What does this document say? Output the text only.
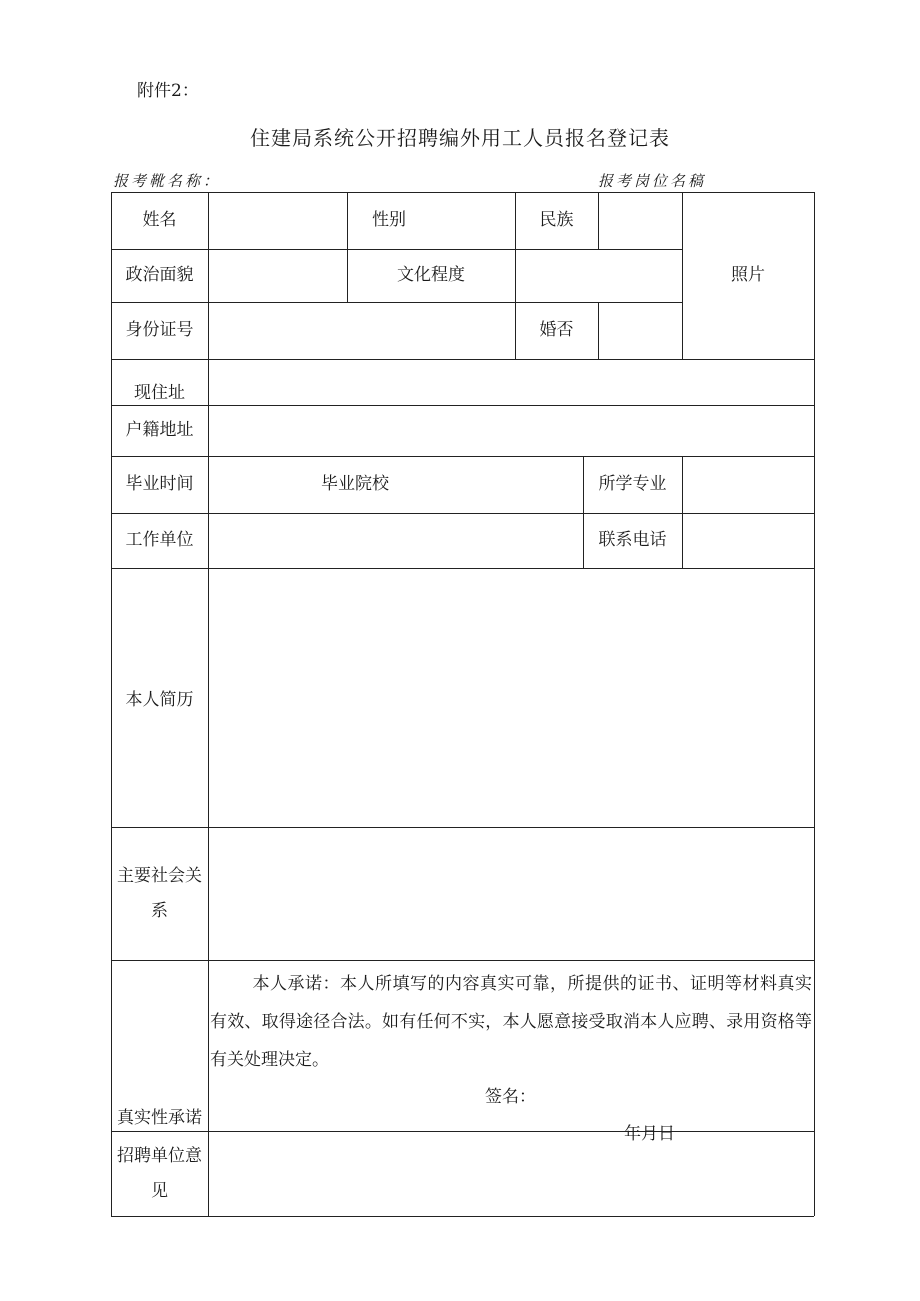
附件2：
住建局系统公开招聘编外用工人员报名登记表
报考靴名称：	报考岗位名稿
姓名	性别	民族
照片
政治面貌	文化程度
身份证号	婚否
现住址
户籍地址
毕业时间	毕业院校	所学专业
工作单位	联系电话
本人简历
主要社会关
系
真实性承诺
本人承诺：本人所填写的内容真实可靠，所提供的证书、证明等材料真实有效、取得途径合法。如有任何不实，本人愿意接受取消本人应聘、录用资格等有关处理决定。
签名：
年月日
招聘单位意
见
